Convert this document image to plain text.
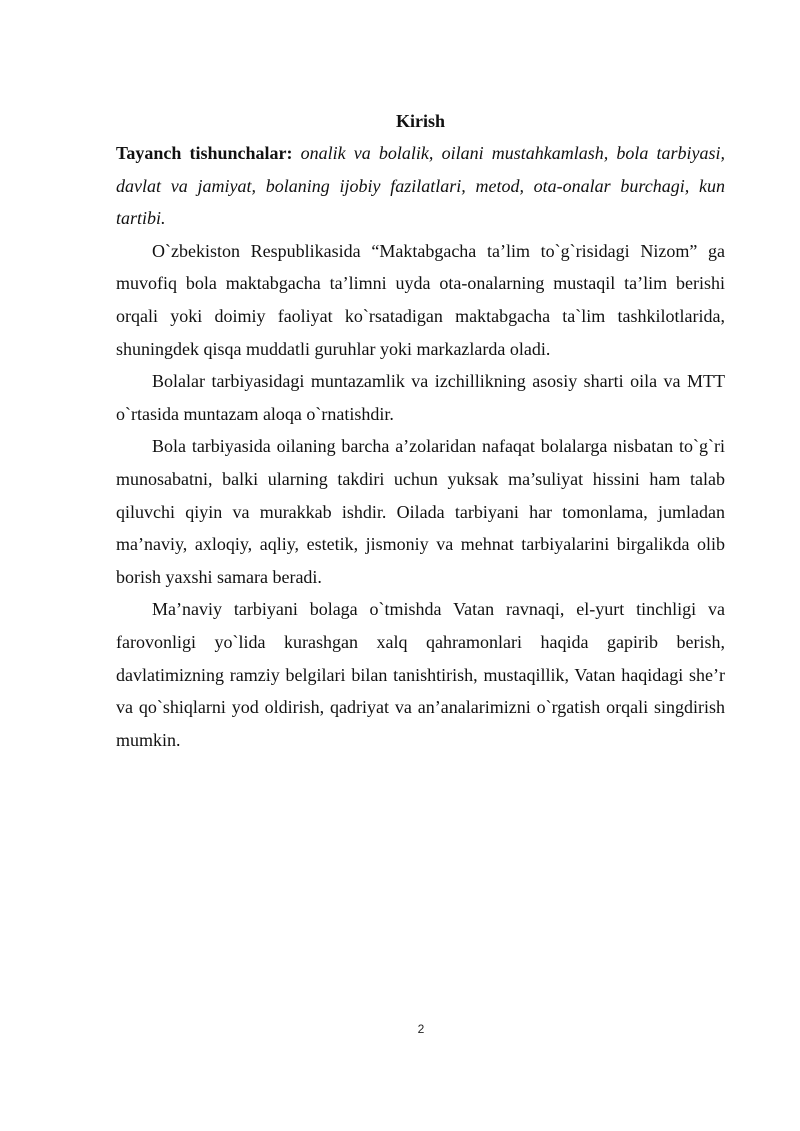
Kirish

Tayanch tishunchalar: onalik va bolalik, oilani mustahkamlash, bola tarbiyasi, davlat va jamiyat, bolaning ijobiy fazilatlari, metod, ota-onalar burchagi, kun tartibi.

O`zbekiston Respublikasida “Maktabgacha ta’lim to`g`risidagi Nizom” ga muvofiq bola maktabgacha ta’limni uyda ota-onalarning mustaqil ta’lim berishi orqali yoki doimiy faoliyat ko`rsatadigan maktabgacha ta`lim tashkilotlarida, shuningdek qisqa muddatli guruhlar yoki markazlarda oladi.

Bolalar tarbiyasidagi muntazamlik va izchillikning asosiy sharti oila va MTT o`rtasida muntazam aloqa o`rnatishdir.

Bola tarbiyasida oilaning barcha a’zolaridan nafaqat bolalarga nisbatan to`g`ri munosabatni, balki ularning takdiri uchun yuksak ma’suliyat hissini ham talab qiluvchi qiyin va murakkab ishdir. Oilada tarbiyani har tomonlama, jumladan ma’naviy, axloqiy, aqliy, estetik, jismoniy va mehnat tarbiyalarini birgalikda olib borish yaxshi samara beradi.

Ma’naviy tarbiyani bolaga o`tmishda Vatan ravnaqi, el-yurt tinchligi va farovonligi yo`lida kurashgan xalq qahramonlari haqida gapirib berish, davlatimizning ramziy belgilari bilan tanishtirish, mustaqillik, Vatan haqidagi she’r va qo`shiqlarni yod oldirish, qadriyat va an’analarimizni o`rgatish orqali singdirish mumkin.

2
